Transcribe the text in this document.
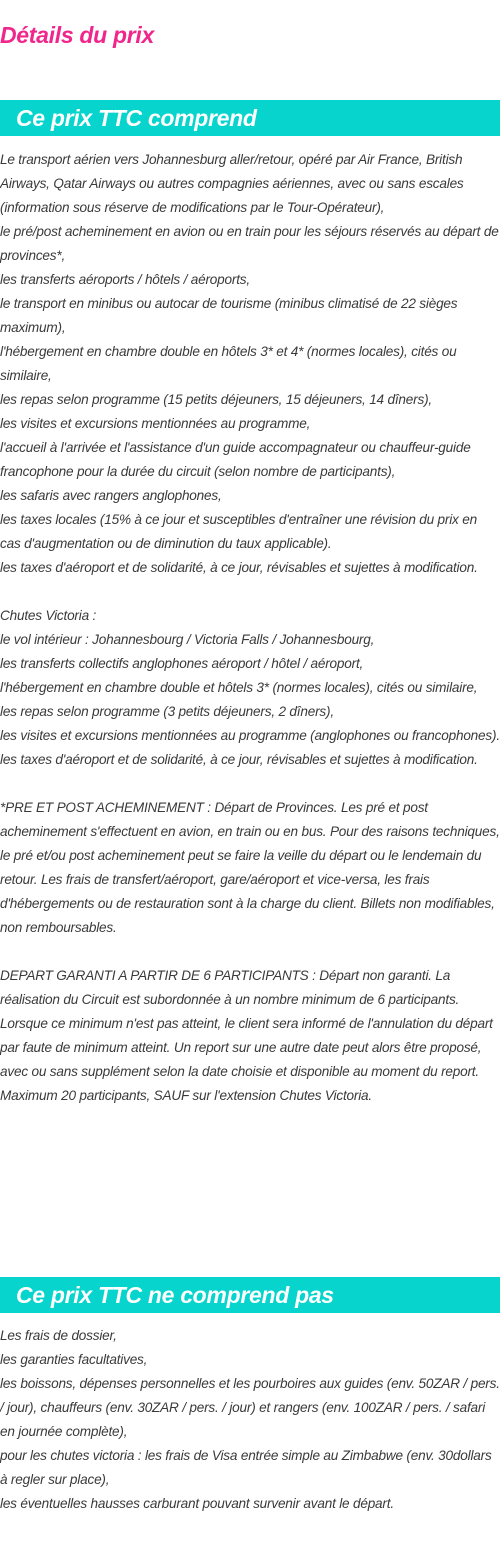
Détails du prix
Ce prix TTC comprend
Le transport aérien vers Johannesburg aller/retour, opéré par Air France, British Airways, Qatar Airways ou autres compagnies aériennes, avec ou sans escales (information sous réserve de modifications par le Tour-Opérateur),
le pré/post acheminement en avion ou en train pour les séjours réservés au départ de provinces*,
les transferts aéroports / hôtels / aéroports,
le transport en minibus ou autocar de tourisme (minibus climatisé de 22 sièges maximum),
l'hébergement en chambre double en hôtels 3* et 4* (normes locales), cités ou similaire,
les repas selon programme (15 petits déjeuners, 15 déjeuners, 14 dîners),
les visites et excursions mentionnées au programme,
l'accueil à l'arrivée et l'assistance d'un guide accompagnateur ou chauffeur-guide francophone pour la durée du circuit (selon nombre de participants),
les safaris avec rangers anglophones,
les taxes locales (15% à ce jour et susceptibles d'entraîner une révision du prix en cas d'augmentation ou de diminution du taux applicable).
les taxes d'aéroport et de solidarité, à ce jour, révisables et sujettes à modification.
Chutes Victoria :
le vol intérieur : Johannesbourg / Victoria Falls / Johannesbourg,
les transferts collectifs anglophones aéroport / hôtel / aéroport,
l'hébergement en chambre double et hôtels 3* (normes locales), cités ou similaire,
les repas selon programme (3 petits déjeuners, 2 dîners),
les visites et excursions mentionnées au programme (anglophones ou francophones).
les taxes d'aéroport et de solidarité, à ce jour, révisables et sujettes à modification.
*PRE ET POST ACHEMINEMENT : Départ de Provinces. Les pré et post acheminement s'effectuent en avion, en train ou en bus. Pour des raisons techniques, le pré et/ou post acheminement peut se faire la veille du départ ou le lendemain du retour. Les frais de transfert/aéroport, gare/aéroport et vice-versa, les frais d'hébergements ou de restauration sont à la charge du client. Billets non modifiables, non remboursables.
DEPART GARANTI A PARTIR DE 6 PARTICIPANTS : Départ non garanti. La réalisation du Circuit est subordonnée à un nombre minimum de 6 participants. Lorsque ce minimum n'est pas atteint, le client sera informé de l'annulation du départ par faute de minimum atteint. Un report sur une autre date peut alors être proposé, avec ou sans supplément selon la date choisie et disponible au moment du report. Maximum 20 participants, SAUF sur l'extension Chutes Victoria.
Ce prix TTC ne comprend pas
Les frais de dossier,
les garanties facultatives,
les boissons, dépenses personnelles et les pourboires aux guides (env. 50ZAR / pers. / jour), chauffeurs (env. 30ZAR / pers. / jour) et rangers (env. 100ZAR / pers. / safari en journée complète),
pour les chutes victoria : les frais de Visa entrée simple au Zimbabwe (env. 30dollars à regler sur place),
les éventuelles hausses carburant pouvant survenir avant le départ.
